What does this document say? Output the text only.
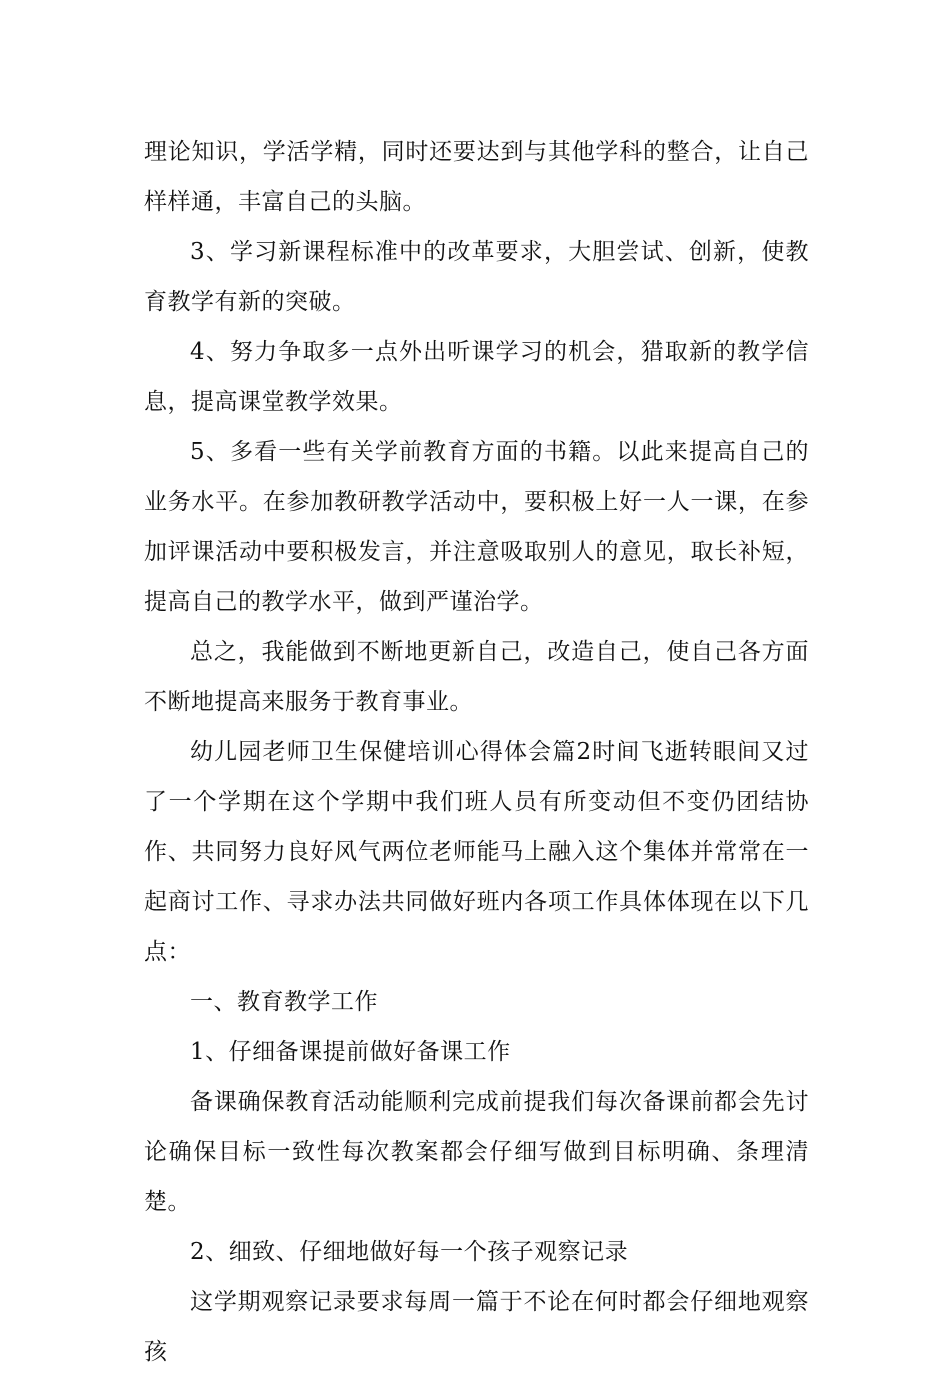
理论知识，学活学精，同时还要达到与其他学科的整合，让自己样样通，丰富自己的头脑。

3、学习新课程标准中的改革要求，大胆尝试、创新，使教育教学有新的突破。

4、努力争取多一点外出听课学习的机会，猎取新的教学信息，提高课堂教学效果。

5、多看一些有关学前教育方面的书籍。以此来提高自己的业务水平。在参加教研教学活动中，要积极上好一人一课，在参加评课活动中要积极发言，并注意吸取别人的意见，取长补短，提高自己的教学水平，做到严谨治学。

总之，我能做到不断地更新自己，改造自己，使自己各方面不断地提高来服务于教育事业。

幼儿园老师卫生保健培训心得体会篇2时间飞逝转眼间又过了一个学期在这个学期中我们班人员有所变动但不变仍团结协作、共同努力良好风气两位老师能马上融入这个集体并常常在一起商讨工作、寻求办法共同做好班内各项工作具体体现在以下几点：

一、教育教学工作

1、仔细备课提前做好备课工作

备课确保教育活动能顺利完成前提我们每次备课前都会先讨论确保目标一致性每次教案都会仔细写做到目标明确、条理清楚。

2、细致、仔细地做好每一个孩子观察记录

这学期观察记录要求每周一篇于不论在何时都会仔细地观察孩
